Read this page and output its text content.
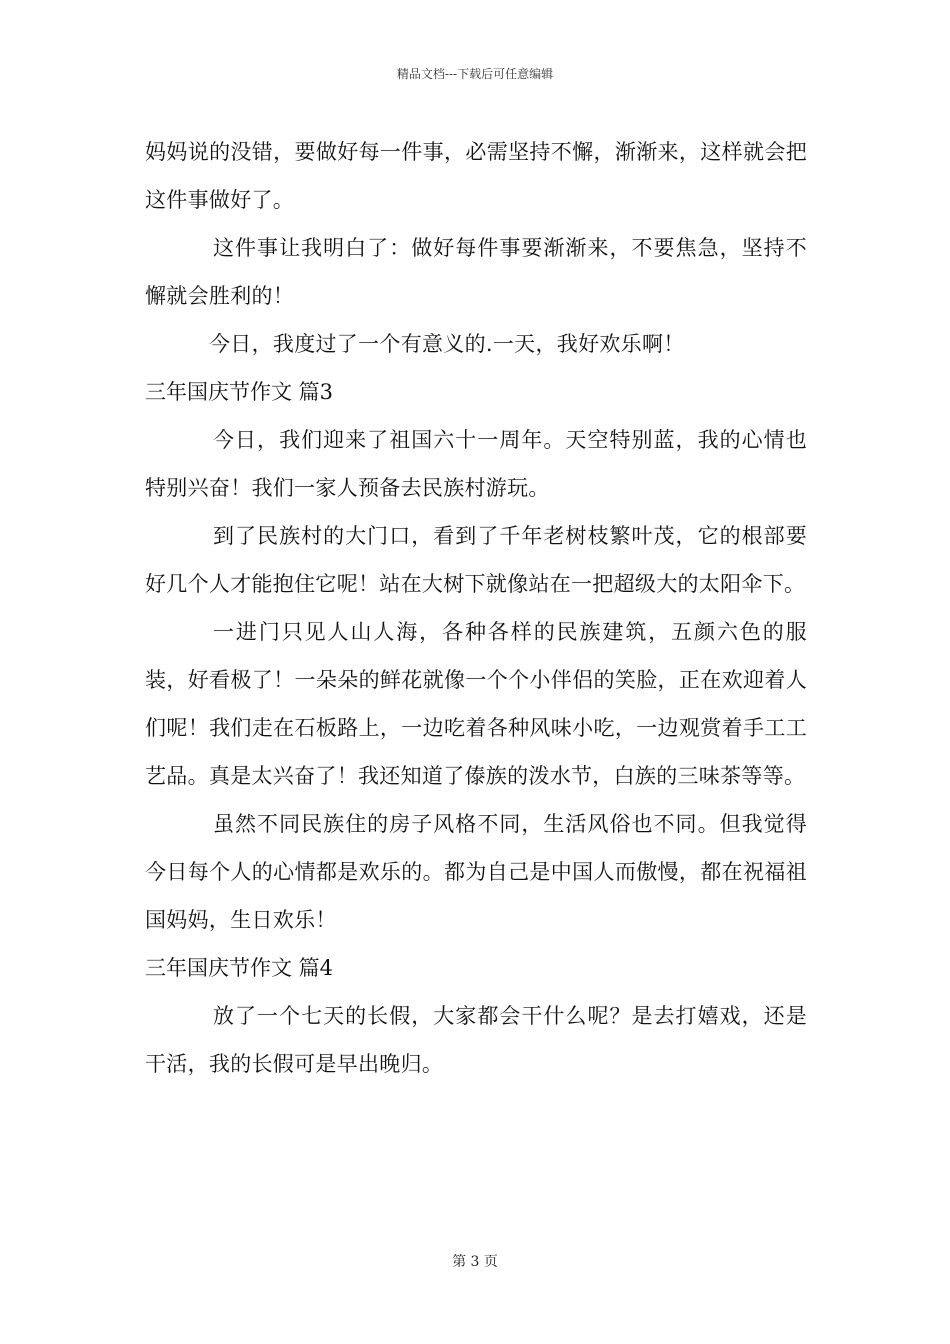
精品文档---下载后可任意编辑

妈妈说的没错，要做好每一件事，必需坚持不懈，渐渐来，这样就会把这件事做好了。

这件事让我明白了：做好每件事要渐渐来，不要焦急，坚持不懈就会胜利的！

今日，我度过了一个有意义的.一天，我好欢乐啊！

三年国庆节作文 篇3

今日，我们迎来了祖国六十一周年。天空特别蓝，我的心情也特别兴奋！我们一家人预备去民族村游玩。

到了民族村的大门口，看到了千年老树枝繁叶茂，它的根部要好几个人才能抱住它呢！站在大树下就像站在一把超级大的太阳伞下。

一进门只见人山人海，各种各样的民族建筑，五颜六色的服装，好看极了！一朵朵的鲜花就像一个个小伴侣的笑脸，正在欢迎着人们呢！我们走在石板路上，一边吃着各种风味小吃，一边观赏着手工工艺品。真是太兴奋了！我还知道了傣族的泼水节，白族的三味茶等等。

虽然不同民族住的房子风格不同，生活风俗也不同。但我觉得今日每个人的心情都是欢乐的。都为自己是中国人而傲慢，都在祝福祖国妈妈，生日欢乐！

三年国庆节作文 篇4

放了一个七天的长假，大家都会干什么呢？是去打嬉戏，还是干活，我的长假可是早出晚归。

第 3 页
